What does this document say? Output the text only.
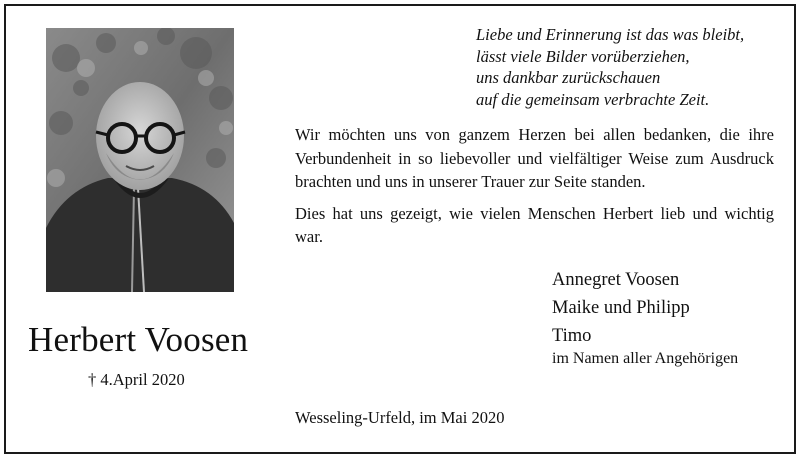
Herbert Voosen
† 4.April 2020
Liebe und Erinnerung ist das was bleibt,
lässt viele Bilder vorüberziehen,
uns dankbar zurückschauen
auf die gemeinsam verbrachte Zeit.

Wir möchten uns von ganzem Herzen bei allen bedanken, die ihre Verbundenheit in so liebevoller und vielfältiger Weise zum Ausdruck brachten und uns in unserer Trauer zur Seite standen.

Dies hat uns gezeigt, wie vielen Menschen Herbert lieb und wichtig war.

Annegret Voosen
Maike und Philipp
Timo
im Namen aller Angehörigen
Wesseling-Urfeld, im Mai 2020
